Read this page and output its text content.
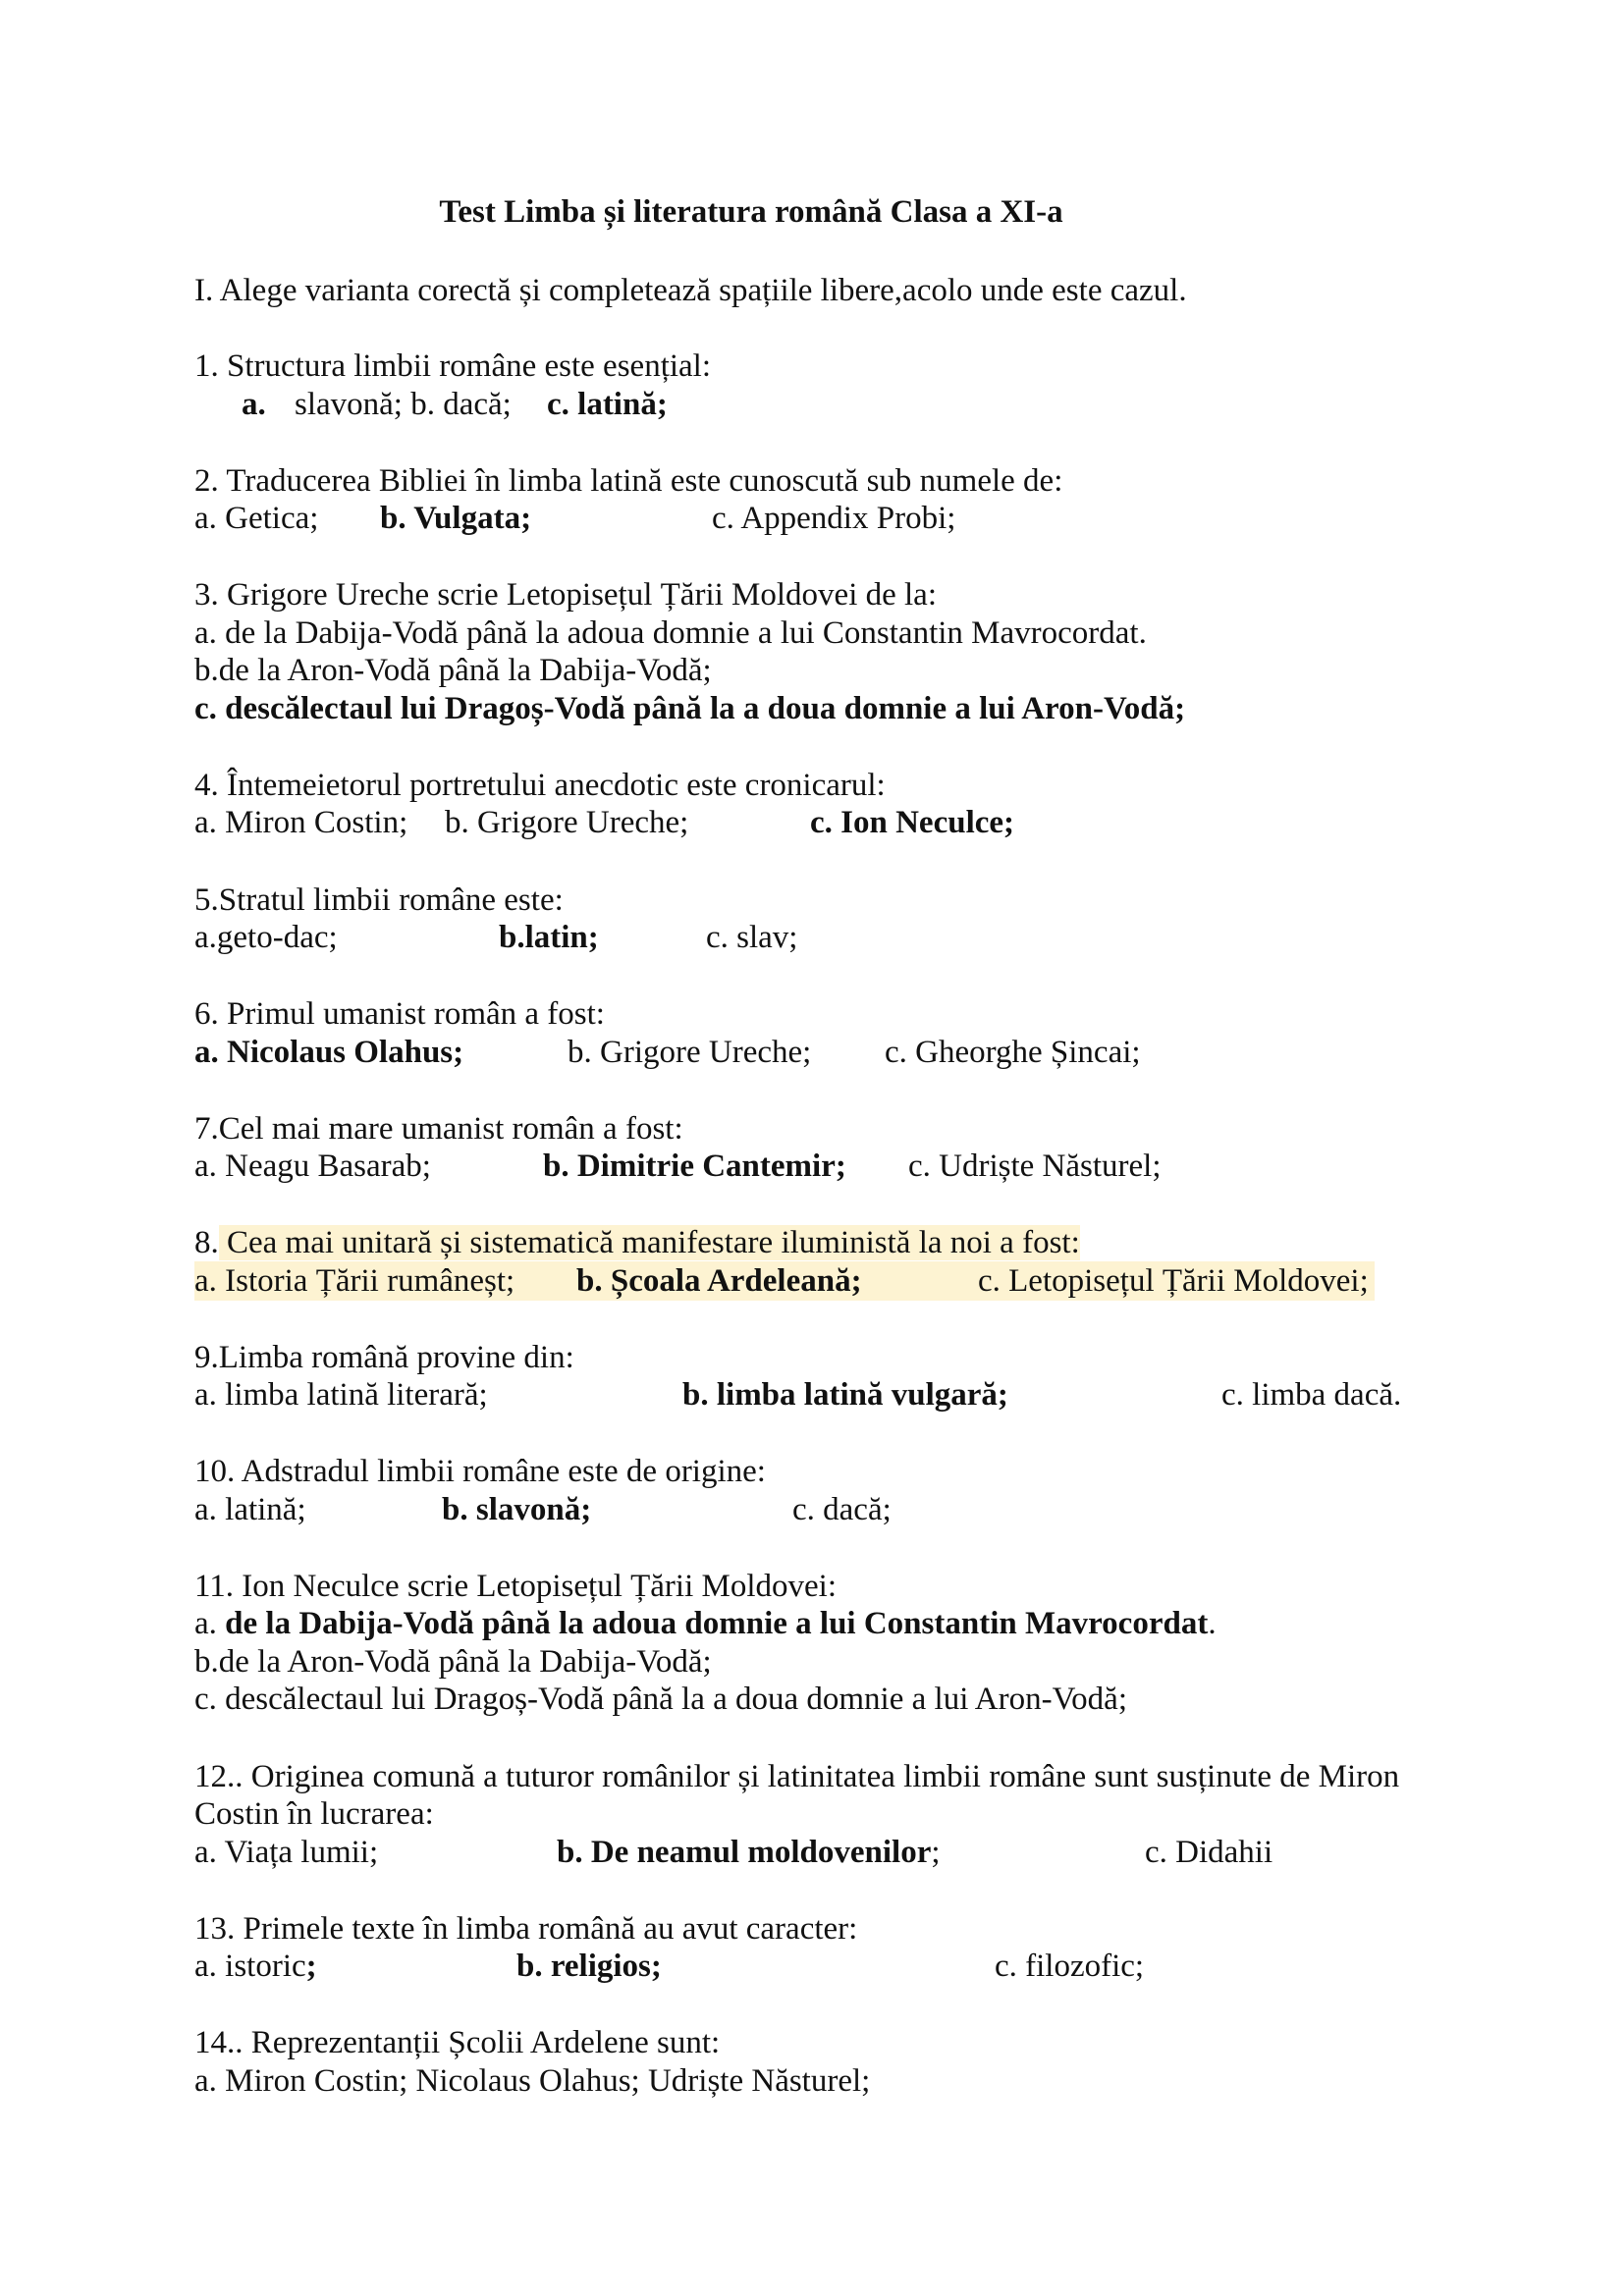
Test Limba și literatura română Clasa a XI-a
I. Alege varianta corectă și completează spațiile libere,acolo unde este cazul.
1. Structura limbii române este esențial:
a. slavonă; b. dacă; c. latină;
2. Traducerea Bibliei în limba latină este cunoscută sub numele de:
a. Getica; b. Vulgata;	c. Appendix Probi;
3. Grigore Ureche scrie Letopisețul Țării Moldovei de la:
a. de la Dabija-Vodă până la adoua domnie a lui Constantin Mavrocordat.
b.de la Aron-Vodă până la Dabija-Vodă;
c. descălectaul lui Dragoș-Vodă până la a doua domnie a lui Aron-Vodă;
4. Întemeietorul portretului anecdotic este cronicarul:
a. Miron Costin; b. Grigore Ureche;	c. Ion Neculce;
5.Stratul limbii române este:
a.geto-dac;	b.latin;	c. slav;
6. Primul umanist român a fost:
a. Nicolaus Olahus;	b. Grigore Ureche; c. Gheorghe Șincai;
7.Cel mai mare umanist român a fost:
a. Neagu Basarab;	b. Dimitrie Cantemir; c. Udriște Năsturel;
8. Cea mai unitară și sistematică manifestare iluministă la noi a fost:
a. Istoria Țării rumâneșt; b. Școala Ardeleană;	c. Letopisețul Țării Moldovei;
9.Limba română provine din:
a. limba latină literară;	b. limba latină vulgară;	c. limba dacă.
10. Adstradul limbii române este de origine:
a. latină;	b. slavonă;	c. dacă;
11. Ion Neculce scrie Letopisețul Țării Moldovei:
a. de la Dabija-Vodă până la adoua domnie a lui Constantin Mavrocordat.
b.de la Aron-Vodă până la Dabija-Vodă;
c. descălectaul lui Dragoș-Vodă până la a doua domnie a lui Aron-Vodă;
12.. Originea comună a tuturor românilor și latinitatea limbii române sunt susținute de Miron
Costin în lucrarea:
a. Viața lumii;	b. De neamul moldovenilor;	c. Didahii
13. Primele texte în limba română au avut caracter:
a. istoric;	b. religios;	c. filozofic;
14.. Reprezentanții Școlii Ardelene sunt:
a. Miron Costin; Nicolaus Olahus; Udriște Năsturel;
